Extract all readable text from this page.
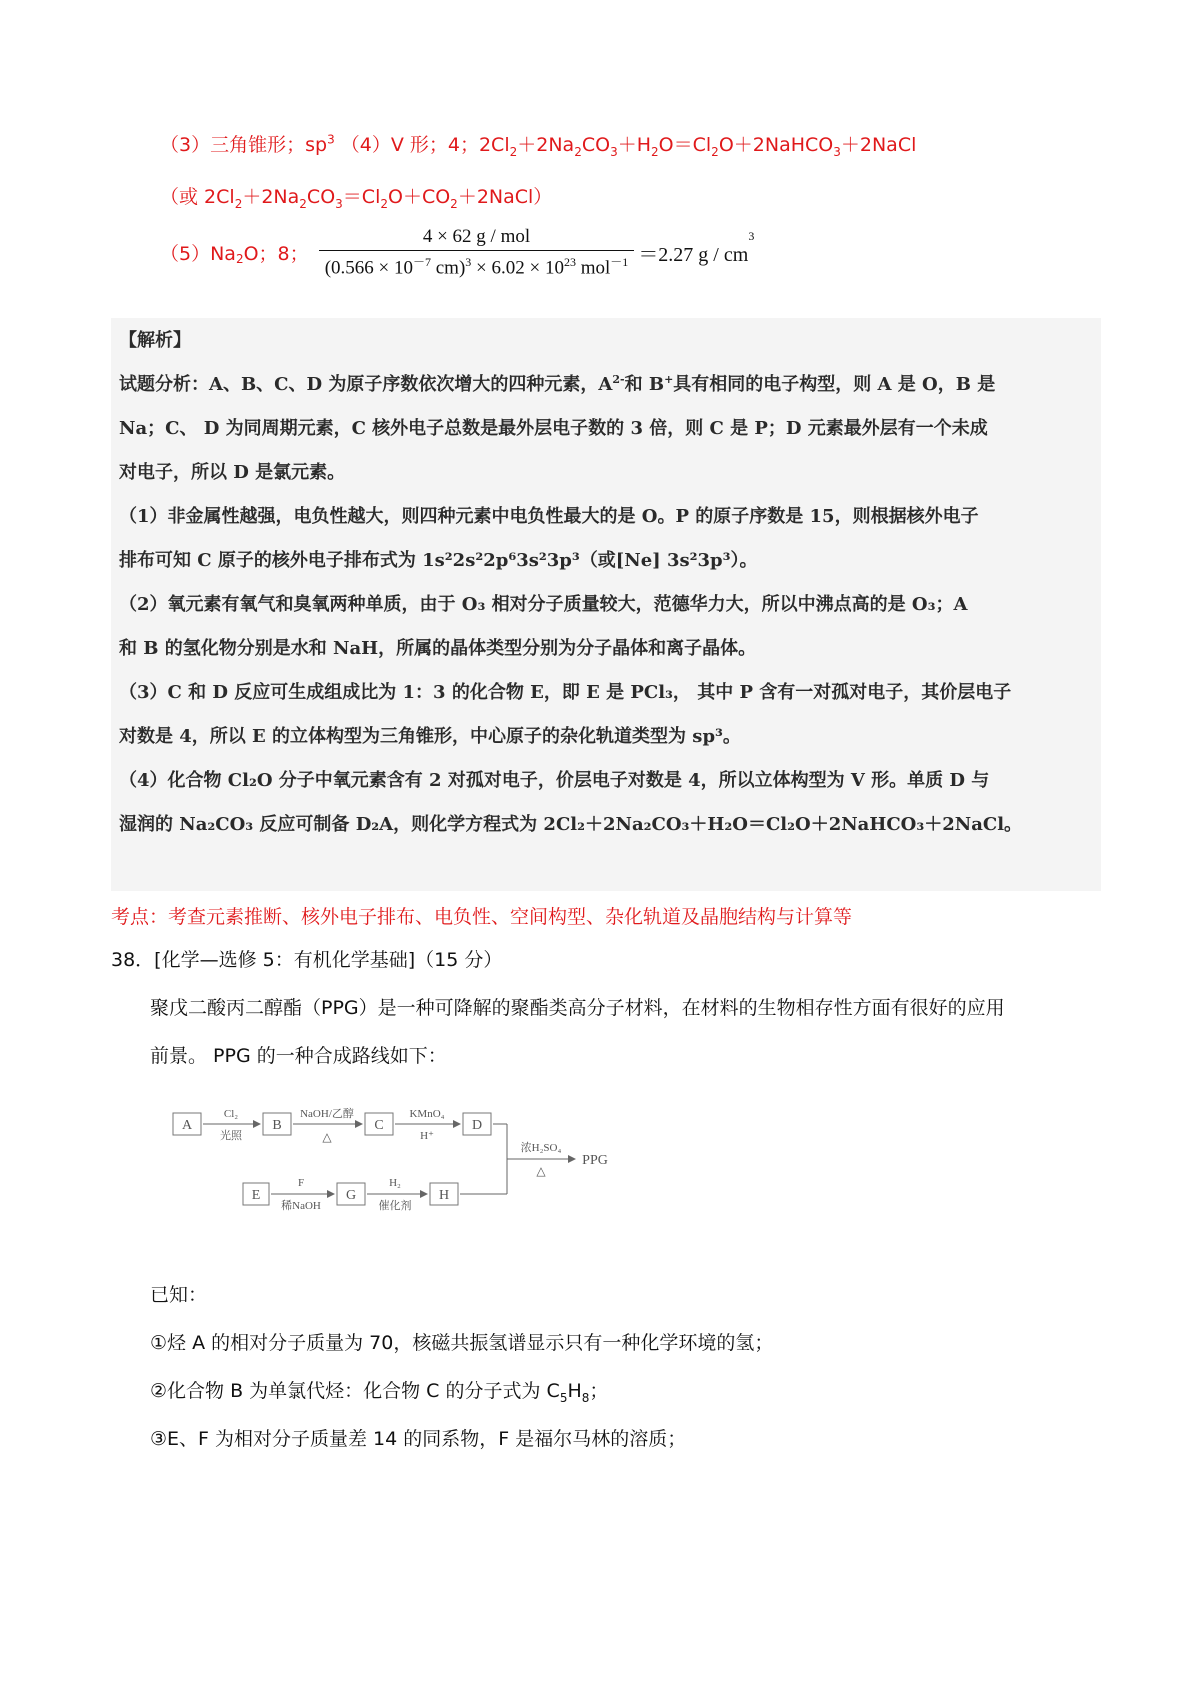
（3）三角锥形；$sp^3$ （4）V 形；4；$2Cl_2+2Na_2CO_3+H_2O=Cl_2O+2NaHCO_3+2NaCl$
（或 $2Cl_2+2Na_2CO_3=Cl_2O+CO_2+2NaCl$）
$(5)Na_2O$；8； $\frac{\text{4 × 62 g / mol}}{(0.566 \times 10^{-7} cm)^3 \times 6.02 \times 10^{23} mol^{-1}} =2.27$ g / $cm^3$
【解析】
试题分析：A、B、C、D 为原子序数依次增大的四种元素，$A^{2-}$和 B+具有相同的电子构型，则 A 是 O，B 是
Na；C、 D 为同周期元素，C 核外电子总数是最外层电子数的 3 倍，则 C 是 P；D 元素最外层有一个未成
对电子，所以 D 是氯元素。
（1）非金属性越强，电负性越大，则四种元素中电负性最大的是 O。P 的原子序数是 15，则根据核外电子
排布可知 C 原子的核外电子排布式为 1s²2s²2p⁶3s²3p³（或[Ne] 3s²3p³）。
（2）氧元素有氧气和臭氧两种单质，由于 O₃ 相对分子质量较大，范德华力大，所以中沸点高的是 O₃；A
和 B 的氢化物分别是水和 NaH，所属的晶体类型分别为分子晶体和离子晶体。
（3）C 和 D 反应可生成组成比为 1：3 的化合物 E，即 E 是 PCl₃， 其中 P 含有一对孤对电子，其价层电子
对数是 4，所以 E 的立体构型为三角锥形，中心原子的杂化轨道类型为 sp³。
（4）化合物 Cl₂O 分子中氧元素含有 2 对孤对电子，价层电子对数是 4，所以立体构型为 V 形。单质 D 与
湿润的 Na₂CO₃ 反应可制备 D₂A，则化学方程式为 2Cl₂＋2Na₂CO₃＋H₂O＝Cl₂O＋2NaHCO₃＋2NaCl。
考点：考查元素推断、核外电子排布、电负性、空间构型、杂化轨道及晶胞结构与计算等
38．[化学—选修 5：有机化学基础]（15 分）
聚戊二酸丙二醇酯（PPG）是一种可降解的聚酯类高分子材料，在材料的生物相存性方面有很好的应用
前景。 PPG 的一种合成路线如下：
A	B	C	D
Cl₂
光照
NaOH/乙醇
△
KMnO₄
H⁺
E	G	H
F
稀NaOH
H₂
催化剂
浓H₂SO₄
△
PPG
已知：
①烃 A 的相对分子质量为 70，核磁共振氢谱显示只有一种化学环境的氢；
②化合物 B 为单氯代烃：化合物 C 的分子式为 $C_5H_8$；
③E、F 为相对分子质量差 14 的同系物，F 是福尔马林的溶质；
